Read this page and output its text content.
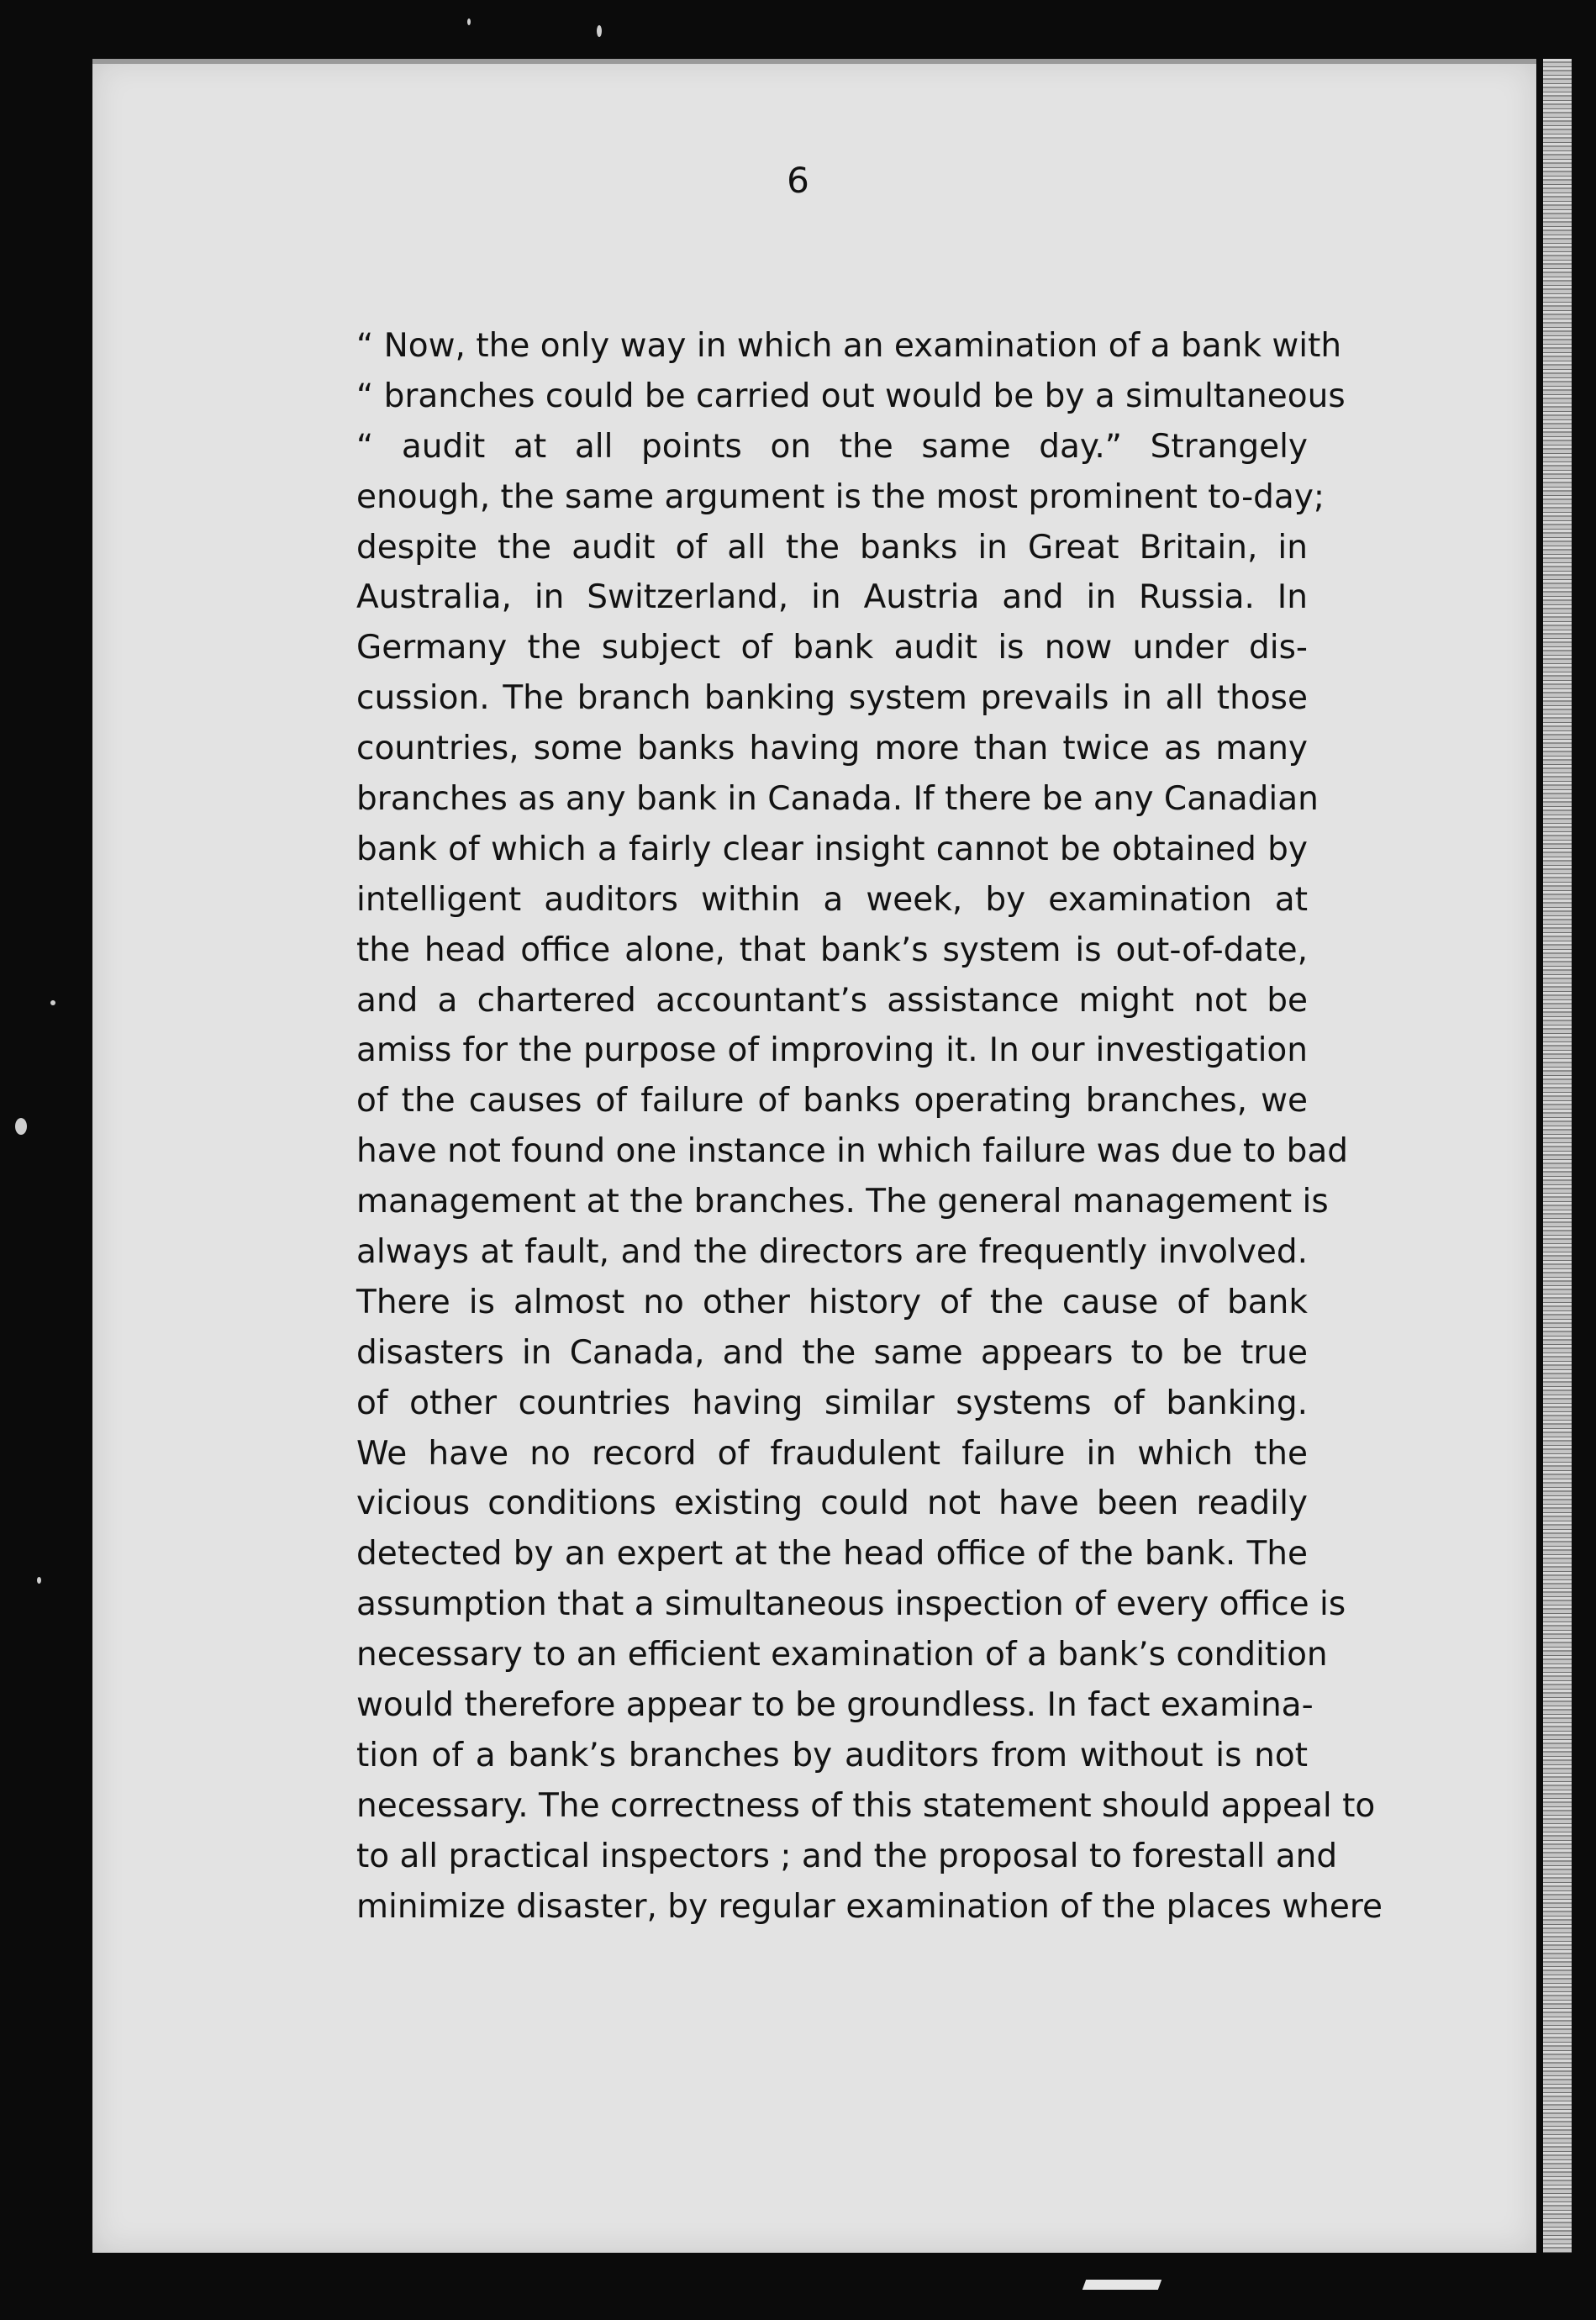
6
“ Now, the only way in which an examination of a bank with
“ branches could be carried out would be by a simultaneous
“ audit at all points on the same day.” Strangely
enough, the same argument is the most prominent to-day;
despite the audit of all the banks in Great Britain, in
Australia, in Switzerland, in Austria and in Russia. In
Germany the subject of bank audit is now under dis-
cussion. The branch banking system prevails in all those
countries, some banks having more than twice as many
branches as any bank in Canada. If there be any Canadian
bank of which a fairly clear insight cannot be obtained by
intelligent auditors within a week, by examination at
the head office alone, that bank’s system is out-of-date,
and a chartered accountant’s assistance might not be
amiss for the purpose of improving it. In our investigation
of the causes of failure of banks operating branches, we
have not found one instance in which failure was due to bad
management at the branches. The general management is
always at fault, and the directors are frequently involved.
There is almost no other history of the cause of bank
disasters in Canada, and the same appears to be true
of other countries having similar systems of banking.
We have no record of fraudulent failure in which the
vicious conditions existing could not have been readily
detected by an expert at the head office of the bank. The
assumption that a simultaneous inspection of every office is
necessary to an efficient examination of a bank’s condition
would therefore appear to be groundless. In fact examina-
tion of a bank’s branches by auditors from without is not
necessary. The correctness of this statement should appeal to
to all practical inspectors ; and the proposal to forestall and
minimize disaster, by regular examination of the places where
